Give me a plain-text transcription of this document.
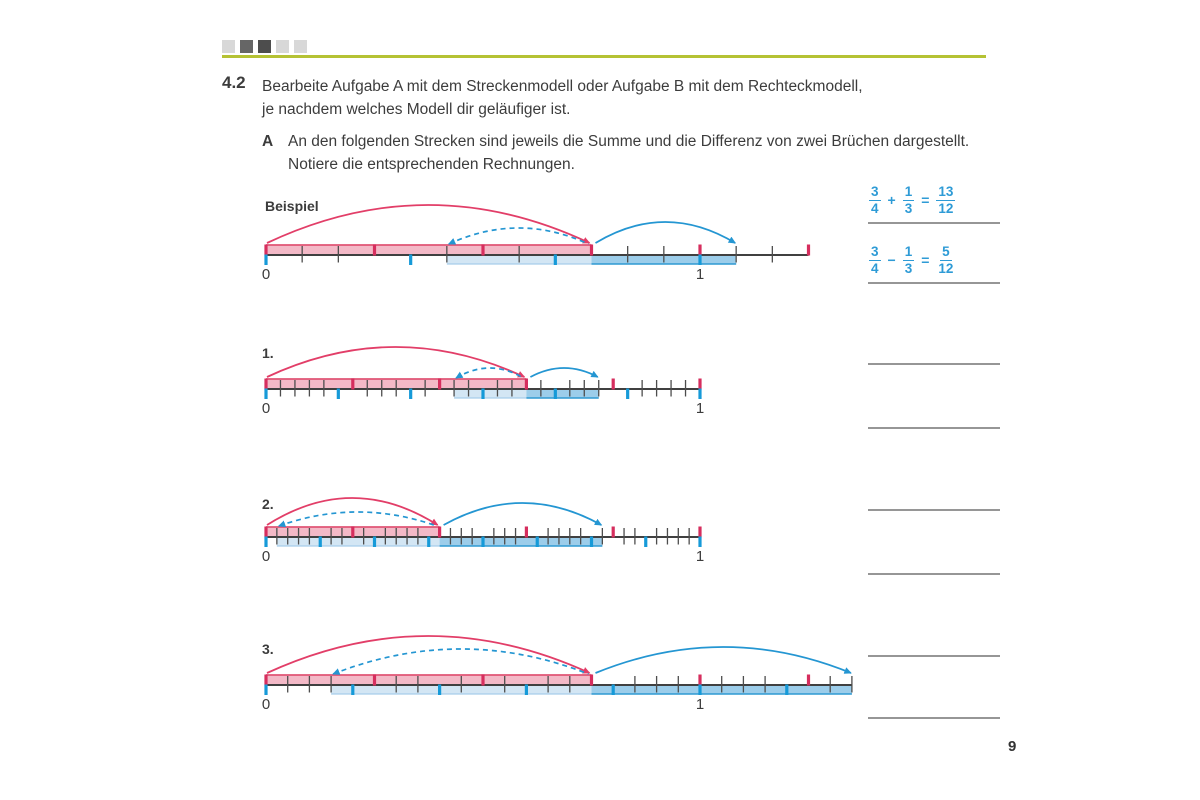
4.2 Bearbeite Aufgabe A mit dem Streckenmodell oder Aufgabe B mit dem Rechteckmodell,
je nachdem welches Modell dir geläufiger ist.
A An den folgenden Strecken sind jeweils die Summe und die Differenz von zwei Brüchen dargestellt.
Notiere die entsprechenden Rechnungen.
Beispiel
1.
2.
3.
0	1
0	1
0	1
0	1
$\frac{3}{4} + \frac{1}{3} = \frac{13}{12}$
$\frac{3}{4} - \frac{1}{3} = \frac{5}{12}$
9
